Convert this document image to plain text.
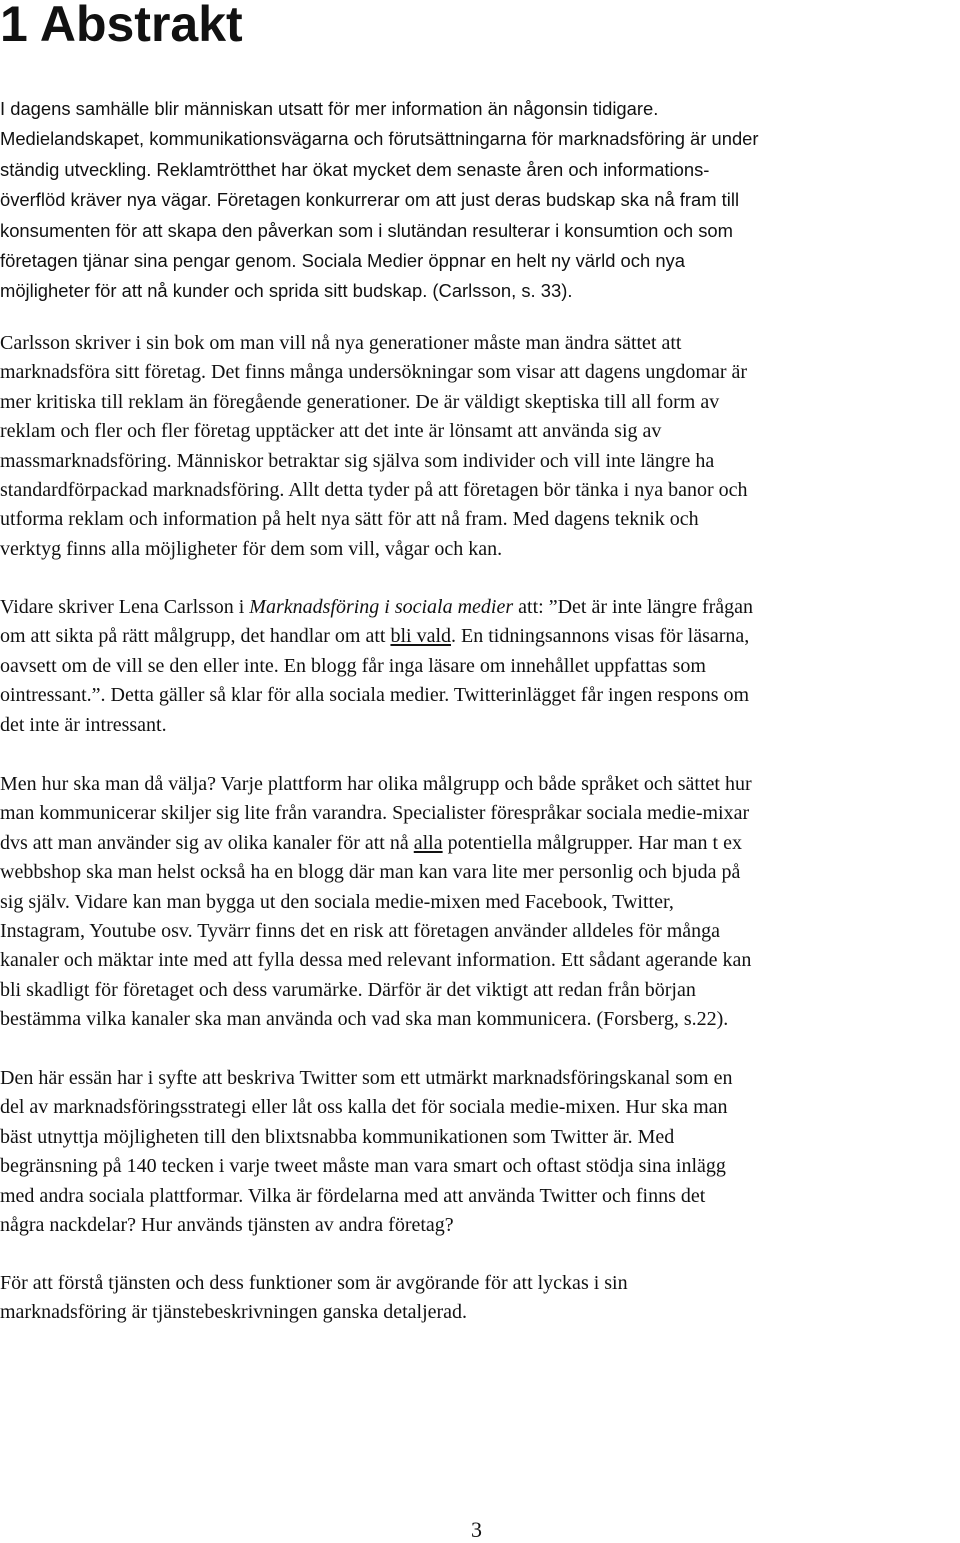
1 Abstrakt

I dagens samhälle blir människan utsatt för mer information än någonsin tidigare.
Medielandskapet, kommunikationsvägarna och förutsättningarna för marknadsföring är under
ständig utveckling. Reklamtrötthet har ökat mycket dem senaste åren och informations-
överflöd kräver nya vägar. Företagen konkurrerar om att just deras budskap ska nå fram till
konsumenten för att skapa den påverkan som i slutändan resulterar i konsumtion och som
företagen tjänar sina pengar genom. Sociala Medier öppnar en helt ny värld och nya
möjligheter för att nå kunder och sprida sitt budskap. (Carlsson, s. 33).

Carlsson skriver i sin bok om man vill nå nya generationer måste man ändra sättet att
marknadsföra sitt företag. Det finns många undersökningar som visar att dagens ungdomar är
mer kritiska till reklam än föregående generationer. De är väldigt skeptiska till all form av
reklam och fler och fler företag upptäcker att det inte är lönsamt att använda sig av
massmarknadsföring. Människor betraktar sig själva som individer och vill inte längre ha
standardförpackad marknadsföring. Allt detta tyder på att företagen bör tänka i nya banor och
utforma reklam och information på helt nya sätt för att nå fram. Med dagens teknik och
verktyg finns alla möjligheter för dem som vill, vågar och kan.

Vidare skriver Lena Carlsson i Marknadsföring i sociala medier att: ”Det är inte längre frågan
om att sikta på rätt målgrupp, det handlar om att bli vald. En tidningsannons visas för läsarna,
oavsett om de vill se den eller inte. En blogg får inga läsare om innehållet uppfattas som
ointressant.”. Detta gäller så klar för alla sociala medier. Twitterinlägget får ingen respons om
det inte är intressant.

Men hur ska man då välja? Varje plattform har olika målgrupp och både språket och sättet hur
man kommunicerar skiljer sig lite från varandra. Specialister förespråkar sociala medie-mixar
dvs att man använder sig av olika kanaler för att nå alla potentiella målgrupper. Har man t ex
webbshop ska man helst också ha en blogg där man kan vara lite mer personlig och bjuda på
sig själv. Vidare kan man bygga ut den sociala medie-mixen med Facebook, Twitter,
Instagram, Youtube osv. Tyvärr finns det en risk att företagen använder alldeles för många
kanaler och mäktar inte med att fylla dessa med relevant information. Ett sådant agerande kan
bli skadligt för företaget och dess varumärke. Därför är det viktigt att redan från början
bestämma vilka kanaler ska man använda och vad ska man kommunicera. (Forsberg, s.22).

Den här essän har i syfte att beskriva Twitter som ett utmärkt marknadsföringskanal som en
del av marknadsföringsstrategi eller låt oss kalla det för sociala medie-mixen. Hur ska man
bäst utnyttja möjligheten till den blixtsnabba kommunikationen som Twitter är. Med
begränsning på 140 tecken i varje tweet måste man vara smart och oftast stödja sina inlägg
med andra sociala plattformar. Vilka är fördelarna med att använda Twitter och finns det
några nackdelar? Hur används tjänsten av andra företag?

För att förstå tjänsten och dess funktioner som är avgörande för att lyckas i sin
marknadsföring är tjänstebeskrivningen ganska detaljerad.

3
